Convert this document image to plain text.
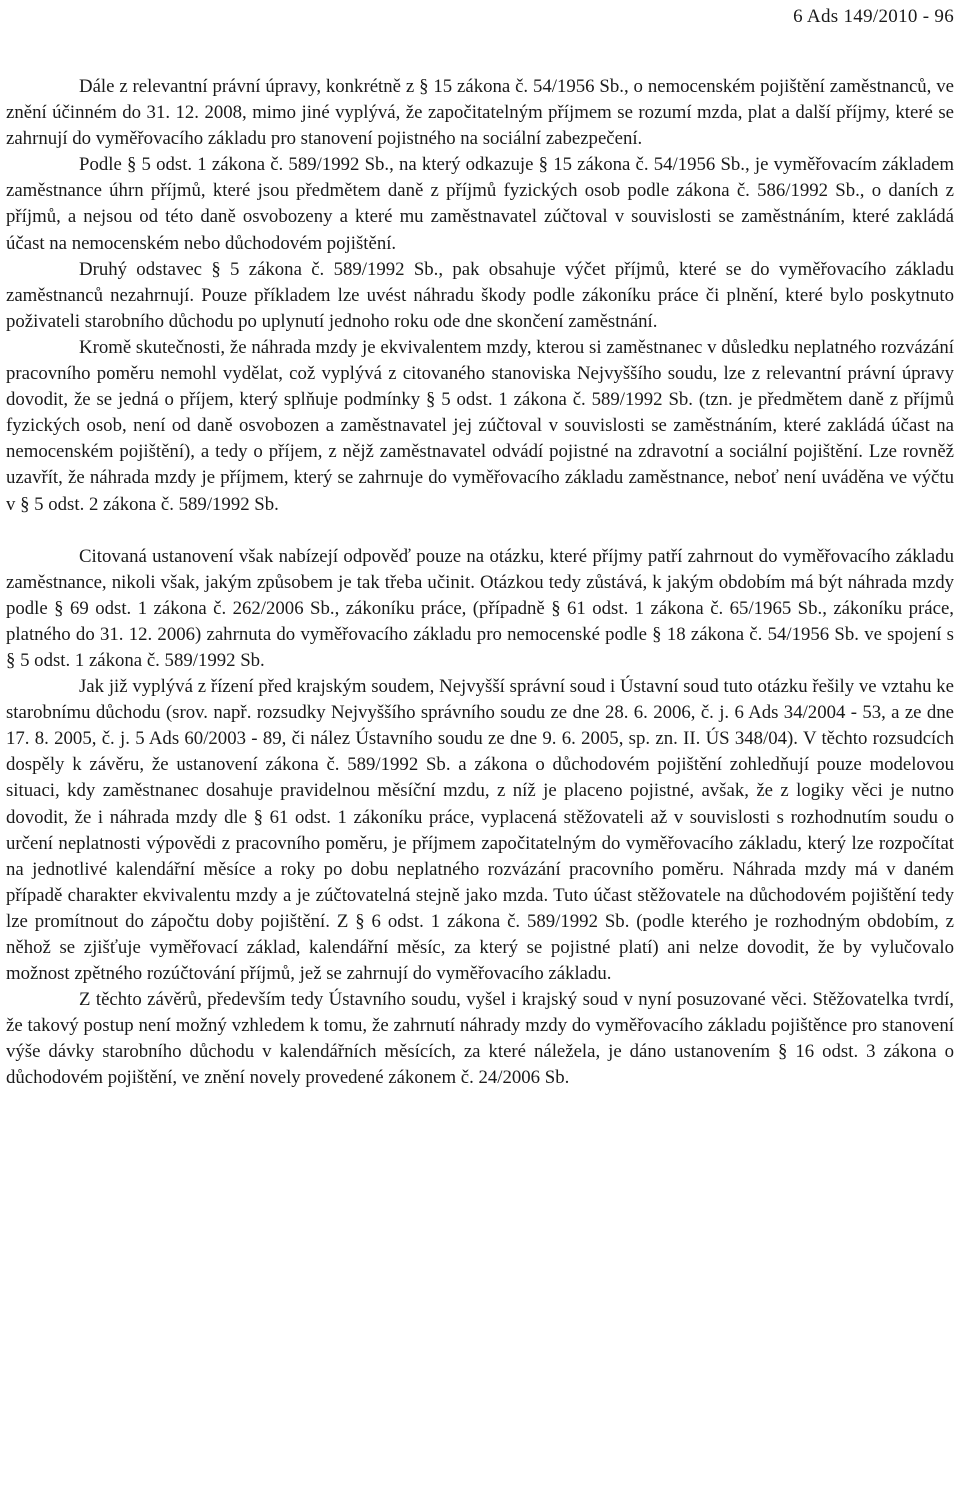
6 Ads 149/2010 - 96

Dále z relevantní právní úpravy, konkrétně z § 15 zákona č. 54/1956 Sb., o nemocenském pojištění zaměstnanců, ve znění účinném do 31. 12. 2008, mimo jiné vyplývá, že započitatelným příjmem se rozumí mzda, plat a další příjmy, které se zahrnují do vyměřovacího základu pro stanovení pojistného na sociální zabezpečení.

Podle § 5 odst. 1 zákona č. 589/1992 Sb., na který odkazuje § 15 zákona č. 54/1956 Sb., je vyměřovacím základem zaměstnance úhrn příjmů, které jsou předmětem daně z příjmů fyzických osob podle zákona č. 586/1992 Sb., o daních z příjmů, a nejsou od této daně osvobozeny a které mu zaměstnavatel zúčtoval v souvislosti se zaměstnáním, které zakládá účast na nemocenském nebo důchodovém pojištění.

Druhý odstavec § 5 zákona č. 589/1992 Sb., pak obsahuje výčet příjmů, které se do vyměřovacího základu zaměstnanců nezahrnují. Pouze příkladem lze uvést náhradu škody podle zákoníku práce či plnění, které bylo poskytnuto poživateli starobního důchodu po uplynutí jednoho roku ode dne skončení zaměstnání.

Kromě skutečnosti, že náhrada mzdy je ekvivalentem mzdy, kterou si zaměstnanec v důsledku neplatného rozvázání pracovního poměru nemohl vydělat, což vyplývá z citovaného stanoviska Nejvyššího soudu, lze z relevantní právní úpravy dovodit, že se jedná o příjem, který splňuje podmínky § 5 odst. 1 zákona č. 589/1992 Sb. (tzn. je předmětem daně z příjmů fyzických osob, není od daně osvobozen a zaměstnavatel jej zúčtoval v souvislosti se zaměstnáním, které zakládá účast na nemocenském pojištění), a tedy o příjem, z nějž zaměstnavatel odvádí pojistné na zdravotní a sociální pojištění. Lze rovněž uzavřít, že náhrada mzdy je příjmem, který se zahrnuje do vyměřovacího základu zaměstnance, neboť není uváděna ve výčtu v § 5 odst. 2 zákona č. 589/1992 Sb.

Citovaná ustanovení však nabízejí odpověď pouze na otázku, které příjmy patří zahrnout do vyměřovacího základu zaměstnance, nikoli však, jakým způsobem je tak třeba učinit. Otázkou tedy zůstává, k jakým obdobím má být náhrada mzdy podle § 69 odst. 1 zákona č. 262/2006 Sb., zákoníku práce, (případně § 61 odst. 1 zákona č. 65/1965 Sb., zákoníku práce, platného do 31. 12. 2006) zahrnuta do vyměřovacího základu pro nemocenské podle § 18 zákona č. 54/1956 Sb. ve spojení s § 5 odst. 1 zákona č. 589/1992 Sb.

Jak již vyplývá z řízení před krajským soudem, Nejvyšší správní soud i Ústavní soud tuto otázku řešily ve vztahu ke starobnímu důchodu (srov. např. rozsudky Nejvyššího správního soudu ze dne 28. 6. 2006, č. j. 6 Ads 34/2004 - 53, a ze dne 17. 8. 2005, č. j. 5 Ads 60/2003 - 89, či nález Ústavního soudu ze dne 9. 6. 2005, sp. zn. II. ÚS 348/04). V těchto rozsudcích dospěly k závěru, že ustanovení zákona č. 589/1992 Sb. a zákona o důchodovém pojištění zohledňují pouze modelovou situaci, kdy zaměstnanec dosahuje pravidelnou měsíční mzdu, z níž je placeno pojistné, avšak, že z logiky věci je nutno dovodit, že i náhrada mzdy dle § 61 odst. 1 zákoníku práce, vyplacená stěžovateli až v souvislosti s rozhodnutím soudu o určení neplatnosti výpovědi z pracovního poměru, je příjmem započitatelným do vyměřovacího základu, který lze rozpočítat na jednotlivé kalendářní měsíce a roky po dobu neplatného rozvázání pracovního poměru. Náhrada mzdy má v daném případě charakter ekvivalentu mzdy a je zúčtovatelná stejně jako mzda. Tuto účast stěžovatele na důchodovém pojištění tedy lze promítnout do zápočtu doby pojištění. Z § 6 odst. 1 zákona č. 589/1992 Sb. (podle kterého je rozhodným obdobím, z něhož se zjišťuje vyměřovací základ, kalendářní měsíc, za který se pojistné platí) ani nelze dovodit, že by vylučovalo možnost zpětného rozúčtování příjmů, jež se zahrnují do vyměřovacího základu.

Z těchto závěrů, především tedy Ústavního soudu, vyšel i krajský soud v nyní posuzované věci. Stěžovatelka tvrdí, že takový postup není možný vzhledem k tomu, že zahrnutí náhrady mzdy do vyměřovacího základu pojištěnce pro stanovení výše dávky starobního důchodu v kalendářních měsících, za které náležela, je dáno ustanovením § 16 odst. 3 zákona o důchodovém pojištění, ve znění novely provedené zákonem č. 24/2006 Sb.
